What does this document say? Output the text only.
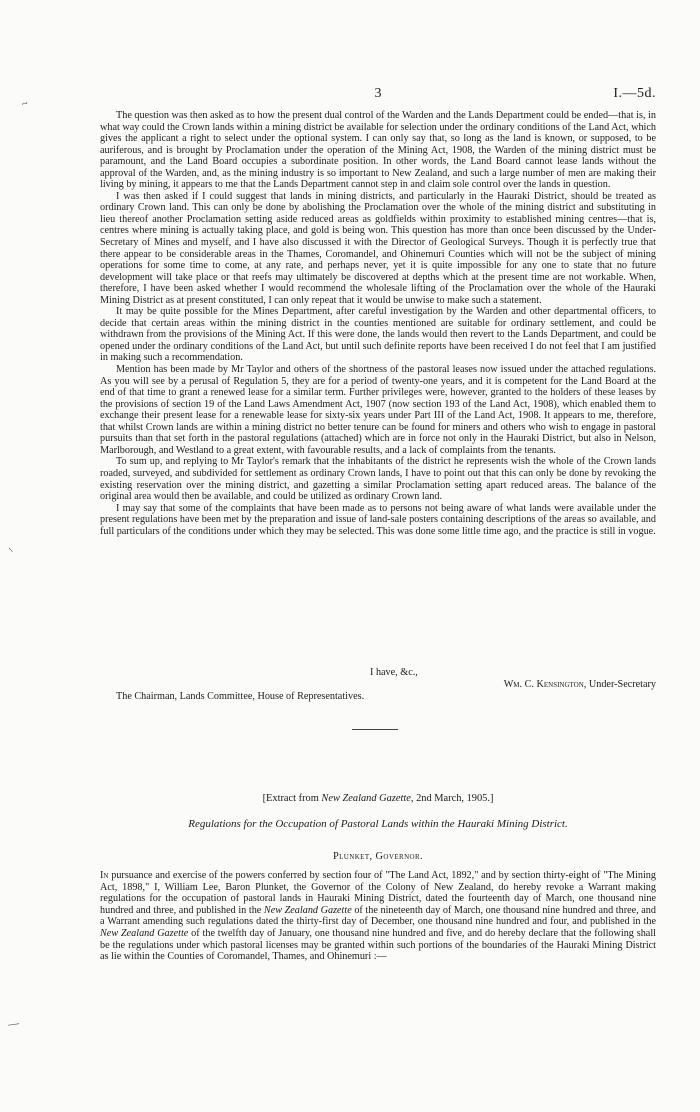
3	I.—5d.
~
⸜
—

The question was then asked as to how the present dual control of the Warden and the Lands Department could be ended—that is, in what way could the Crown lands within a mining district be available for selection under the ordinary conditions of the Land Act, which gives the applicant a right to select under the optional system. I can only say that, so long as the land is known, or supposed, to be auriferous, and is brought by Proclamation under the operation of the Mining Act, 1908, the Warden of the mining district must be paramount, and the Land Board occupies a subordinate position. In other words, the Land Board cannot lease lands without the approval of the Warden, and, as the mining industry is so important to New Zealand, and such a large number of men are making their living by mining, it appears to me that the Lands Department cannot step in and claim sole control over the lands in question.

I was then asked if I could suggest that lands in mining districts, and particularly in the Hauraki District, should be treated as ordinary Crown land. This can only be done by abolishing the Proclamation over the whole of the mining district and substituting in lieu thereof another Proclamation setting aside reduced areas as goldfields within proximity to established mining centres—that is, centres where mining is actually taking place, and gold is being won. This question has more than once been discussed by the Under-Secretary of Mines and myself, and I have also discussed it with the Director of Geological Surveys. Though it is perfectly true that there appear to be considerable areas in the Thames, Coromandel, and Ohinemuri Counties which will not be the subject of mining operations for some time to come, at any rate, and perhaps never, yet it is quite impossible for any one to state that no future development will take place or that reefs may ultimately be discovered at depths which at the present time are not workable. When, therefore, I have been asked whether I would recommend the wholesale lifting of the Proclamation over the whole of the Hauraki Mining District as at present constituted, I can only repeat that it would be unwise to make such a statement.

It may be quite possible for the Mines Department, after careful investigation by the Warden and other departmental officers, to decide that certain areas within the mining district in the counties mentioned are suitable for ordinary settlement, and could be withdrawn from the provisions of the Mining Act. If this were done, the lands would then revert to the Lands Department, and could be opened under the ordinary conditions of the Land Act, but until such definite reports have been received I do not feel that I am justified in making such a recommendation.

Mention has been made by Mr Taylor and others of the shortness of the pastoral leases now issued under the attached regulations. As you will see by a perusal of Regulation 5, they are for a period of twenty-one years, and it is competent for the Land Board at the end of that time to grant a renewed lease for a similar term. Further privileges were, however, granted to the holders of these leases by the provisions of section 19 of the Land Laws Amendment Act, 1907 (now section 193 of the Land Act, 1908), which enabled them to exchange their present lease for a renewable lease for sixty-six years under Part III of the Land Act, 1908. It appears to me, therefore, that whilst Crown lands are within a mining district no better tenure can be found for miners and others who wish to engage in pastoral pursuits than that set forth in the pastoral regulations (attached) which are in force not only in the Hauraki District, but also in Nelson, Marlborough, and Westland to a great extent, with favourable results, and a lack of complaints from the tenants.

To sum up, and replying to Mr Taylor's remark that the inhabitants of the district he represents wish the whole of the Crown lands roaded, surveyed, and subdivided for settlement as ordinary Crown lands, I have to point out that this can only be done by revoking the existing reservation over the mining district, and gazetting a similar Proclamation setting apart reduced areas. The balance of the original area would then be available, and could be utilized as ordinary Crown land.

I may say that some of the complaints that have been made as to persons not being aware of what lands were available under the present regulations have been met by the preparation and issue of land-sale posters containing descriptions of the areas so available, and full particulars of the conditions under which they may be selected. This was done some little time ago, and the practice is still in vogue.

I have, &c.,
Wm. C. Kensington, Under-Secretary
The Chairman, Lands Committee, House of Representatives.
[Extract from New Zealand Gazette, 2nd March, 1905.]
Regulations for the Occupation of Pastoral Lands within the Hauraki Mining District.
Plunket, Governor.

In pursuance and exercise of the powers conferred by section four of "The Land Act, 1892," and by section thirty-eight of "The Mining Act, 1898," I, William Lee, Baron Plunket, the Governor of the Colony of New Zealand, do hereby revoke a Warrant making regulations for the occupation of pastoral lands in Hauraki Mining District, dated the fourteenth day of March, one thousand nine hundred and three, and published in the New Zealand Gazette of the nineteenth day of March, one thousand nine hundred and three, and a Warrant amending such regulations dated the thirty-first day of December, one thousand nine hundred and four, and published in the New Zealand Gazette of the twelfth day of January, one thousand nine hundred and five, and do hereby declare that the following shall be the regulations under which pastoral licenses may be granted within such portions of the boundaries of the Hauraki Mining District as lie within the Counties of Coromandel, Thames, and Ohinemuri :—
